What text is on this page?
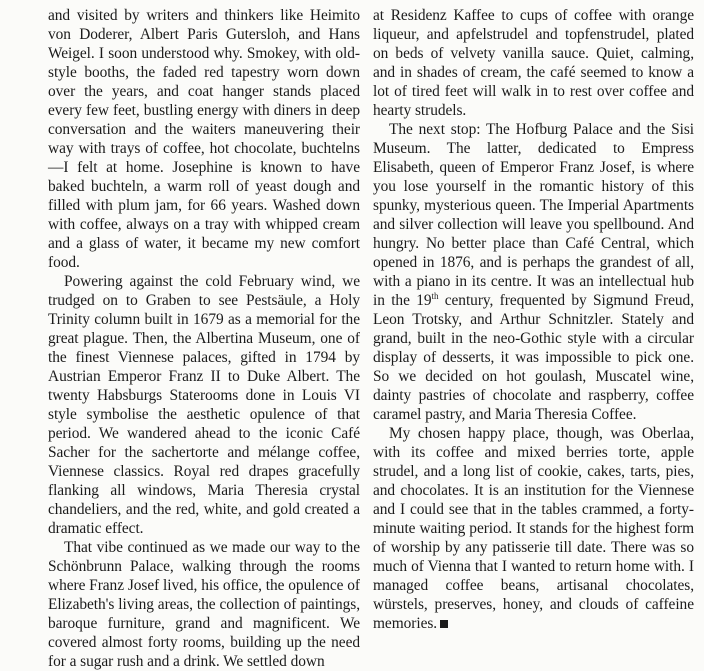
and visited by writers and thinkers like Heimito von Doderer, Albert Paris Gutersloh, and Hans Weigel. I soon understood why. Smokey, with old-style booths, the faded red tapestry worn down over the years, and coat hanger stands placed every few feet, bustling energy with diners in deep conversation and the waiters maneuvering their way with trays of coffee, hot chocolate, buchtelns—I felt at home. Josephine is known to have baked buchteln, a warm roll of yeast dough and filled with plum jam, for 66 years. Washed down with coffee, always on a tray with whipped cream and a glass of water, it became my new comfort food.

Powering against the cold February wind, we trudged on to Graben to see Pestsäule, a Holy Trinity column built in 1679 as a memorial for the great plague. Then, the Albertina Museum, one of the finest Viennese palaces, gifted in 1794 by Austrian Emperor Franz II to Duke Albert. The twenty Habsburgs Staterooms done in Louis VI style symbolise the aesthetic opulence of that period. We wandered ahead to the iconic Café Sacher for the sachertorte and mélange coffee, Viennese classics. Royal red drapes gracefully flanking all windows, Maria Theresia crystal chandeliers, and the red, white, and gold created a dramatic effect.

That vibe continued as we made our way to the Schönbrunn Palace, walking through the rooms where Franz Josef lived, his office, the opulence of Elizabeth's living areas, the collection of paintings, baroque furniture, grand and magnificent. We covered almost forty rooms, building up the need for a sugar rush and a drink. We settled down

at Residenz Kaffee to cups of coffee with orange liqueur, and apfelstrudel and topfenstrudel, plated on beds of velvety vanilla sauce. Quiet, calming, and in shades of cream, the café seemed to know a lot of tired feet will walk in to rest over coffee and hearty strudels.

The next stop: The Hofburg Palace and the Sisi Museum. The latter, dedicated to Empress Elisabeth, queen of Emperor Franz Josef, is where you lose yourself in the romantic history of this spunky, mysterious queen. The Imperial Apartments and silver collection will leave you spellbound. And hungry. No better place than Café Central, which opened in 1876, and is perhaps the grandest of all, with a piano in its centre. It was an intellectual hub in the 19th century, frequented by Sigmund Freud, Leon Trotsky, and Arthur Schnitzler. Stately and grand, built in the neo-Gothic style with a circular display of desserts, it was impossible to pick one. So we decided on hot goulash, Muscatel wine, dainty pastries of chocolate and raspberry, coffee caramel pastry, and Maria Theresia Coffee.

My chosen happy place, though, was Oberlaa, with its coffee and mixed berries torte, apple strudel, and a long list of cookie, cakes, tarts, pies, and chocolates. It is an institution for the Viennese and I could see that in the tables crammed, a forty-minute waiting period. It stands for the highest form of worship by any patisserie till date. There was so much of Vienna that I wanted to return home with. I managed coffee beans, artisanal chocolates, würstels, preserves, honey, and clouds of caffeine memories.
